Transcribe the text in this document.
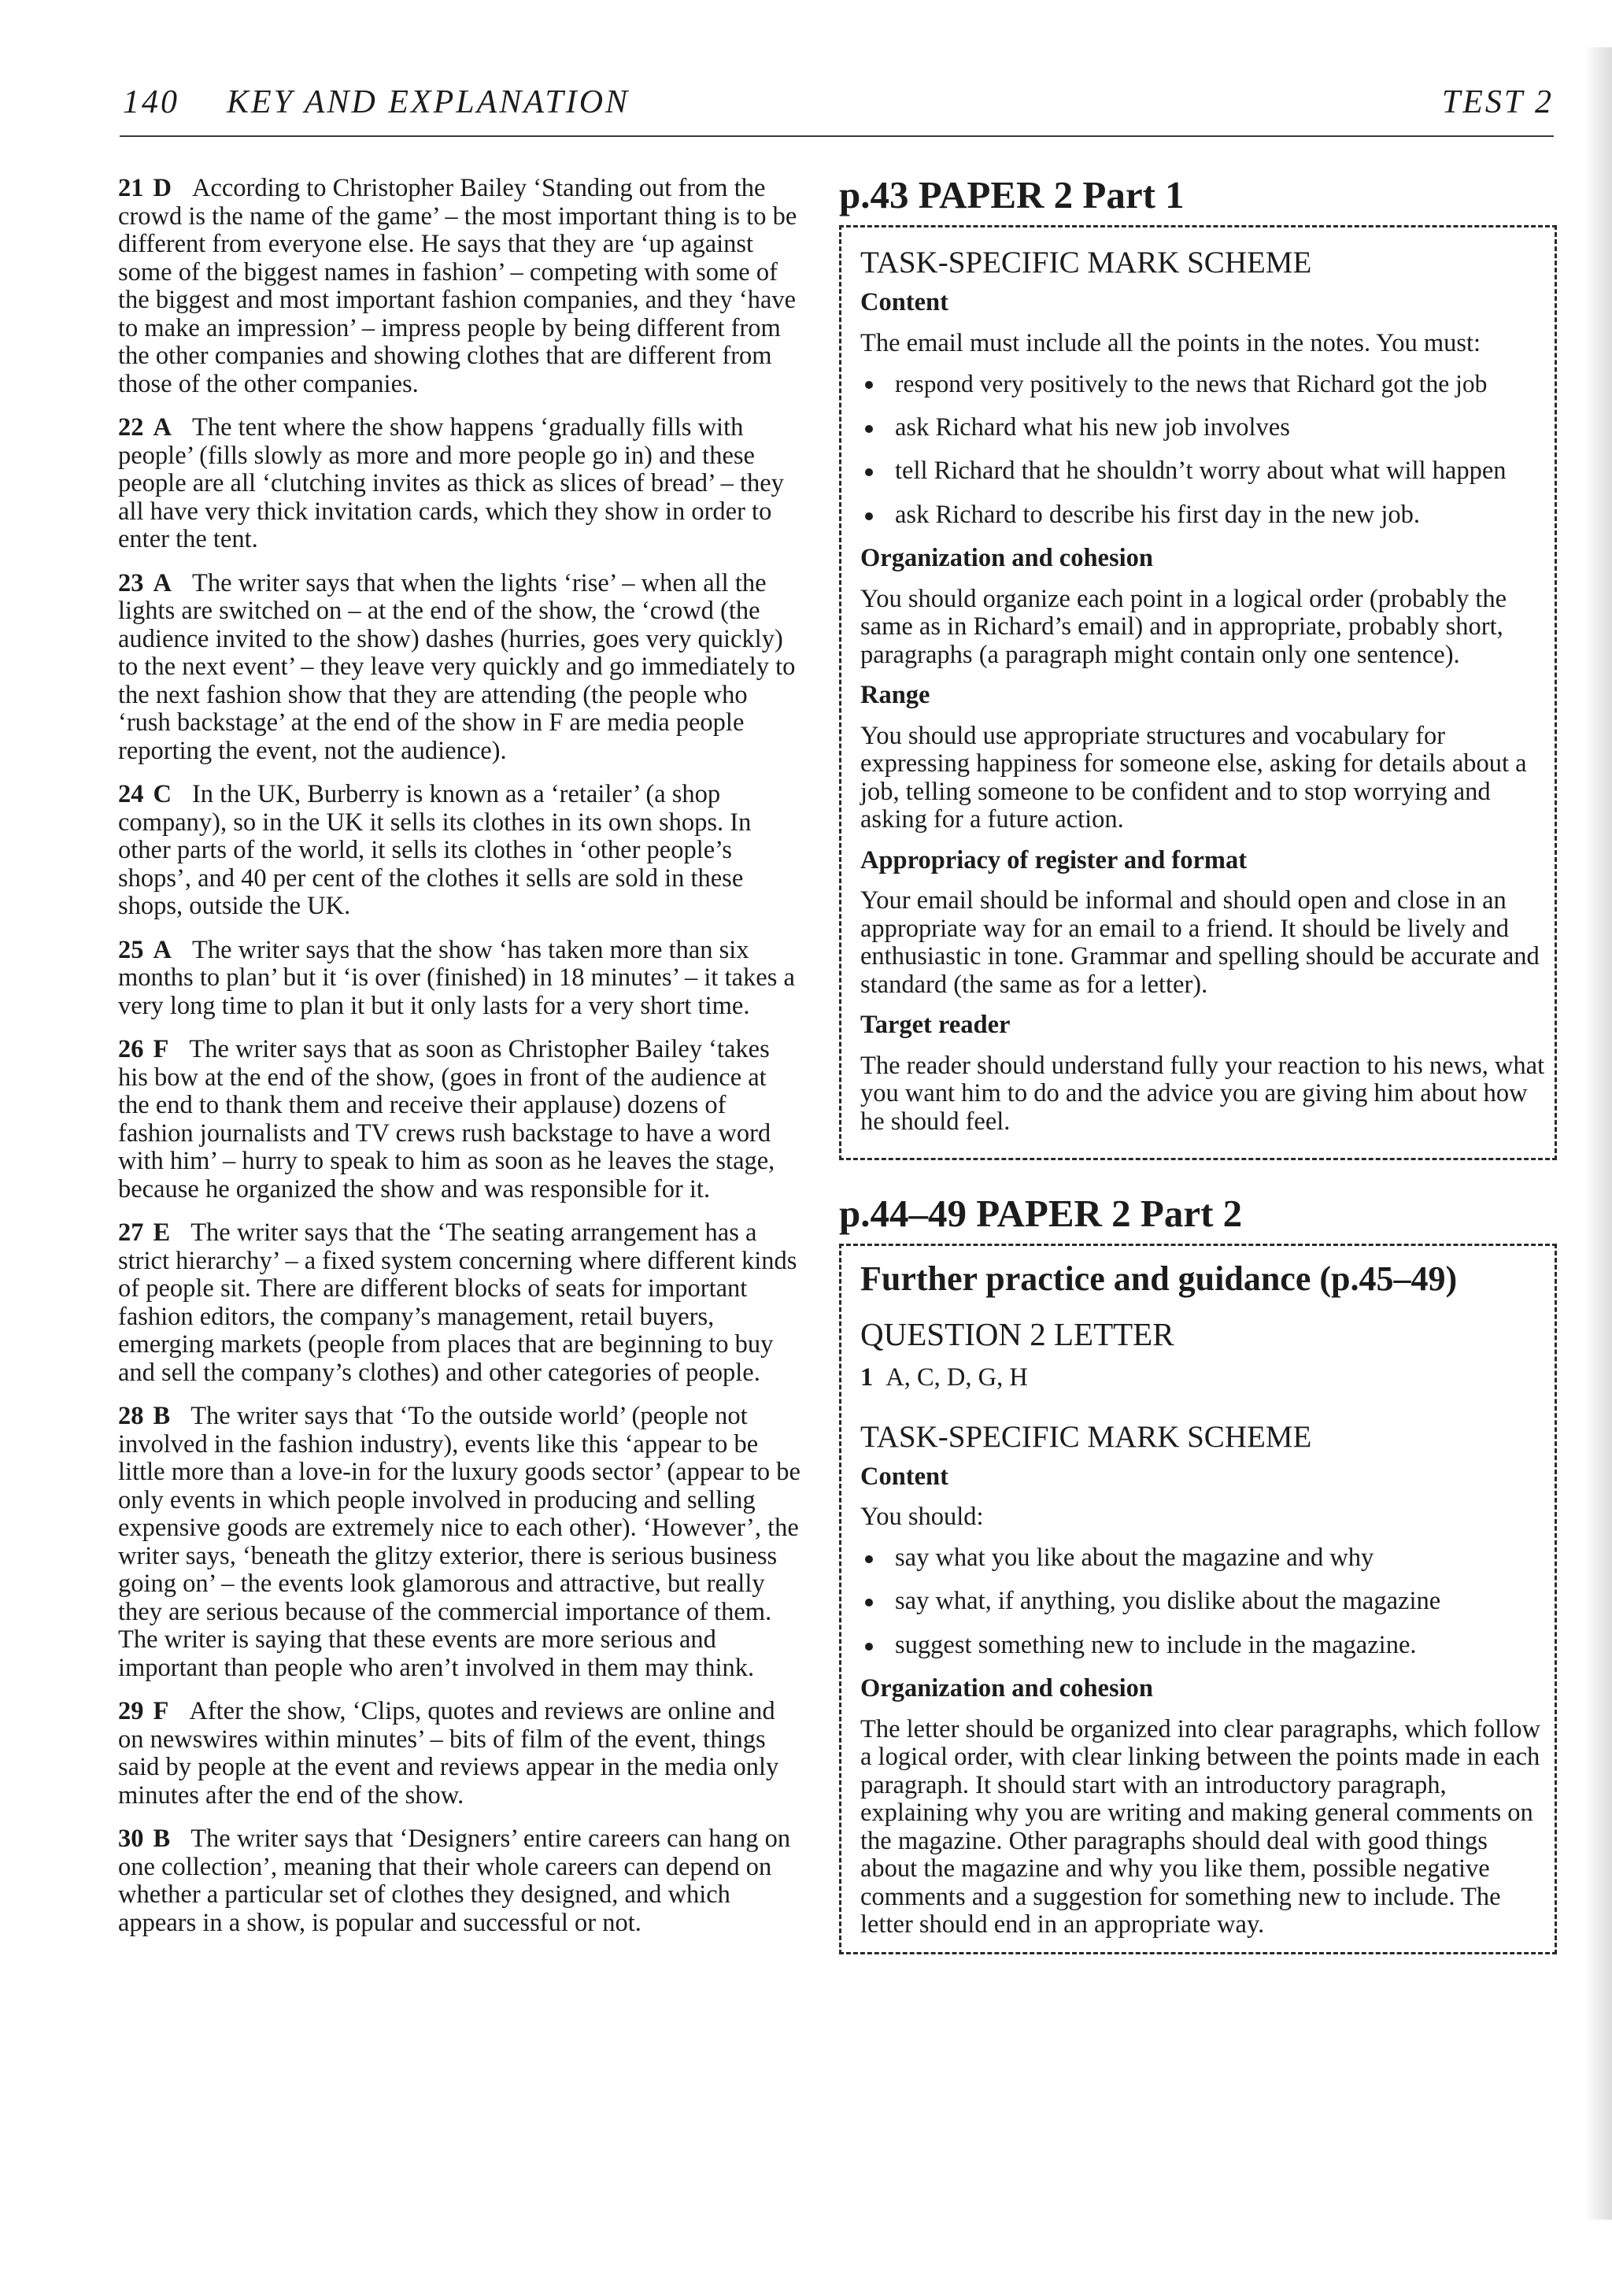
140 KEY AND EXPLANATION	TEST 2

21 D According to Christopher Bailey ‘Standing out from the crowd is the name of the game’ – the most important thing is to be different from everyone else. He says that they are ‘up against some of the biggest names in fashion’ – competing with some of the biggest and most important fashion companies, and they ‘have to make an impression’ – impress people by being different from the other companies and showing clothes that are different from those of the other companies.

22 A The tent where the show happens ‘gradually fills with people’ (fills slowly as more and more people go in) and these people are all ‘clutching invites as thick as slices of bread’ – they all have very thick invitation cards, which they show in order to enter the tent.

23 A The writer says that when the lights ‘rise’ – when all the lights are switched on – at the end of the show, the ‘crowd (the audience invited to the show) dashes (hurries, goes very quickly) to the next event’ – they leave very quickly and go immediately to the next fashion show that they are attending (the people who ‘rush backstage’ at the end of the show in F are media people reporting the event, not the audience).

24 C In the UK, Burberry is known as a ‘retailer’ (a shop company), so in the UK it sells its clothes in its own shops. In other parts of the world, it sells its clothes in ‘other people’s shops’, and 40 per cent of the clothes it sells are sold in these shops, outside the UK.

25 A The writer says that the show ‘has taken more than six months to plan’ but it ‘is over (finished) in 18 minutes’ – it takes a very long time to plan it but it only lasts for a very short time.

26 F The writer says that as soon as Christopher Bailey ‘takes his bow at the end of the show, (goes in front of the audience at the end to thank them and receive their applause) dozens of fashion journalists and TV crews rush backstage to have a word with him’ – hurry to speak to him as soon as he leaves the stage, because he organized the show and was responsible for it.

27 E The writer says that the ‘The seating arrangement has a strict hierarchy’ – a fixed system concerning where different kinds of people sit. There are different blocks of seats for important fashion editors, the company’s management, retail buyers, emerging markets (people from places that are beginning to buy and sell the company’s clothes) and other categories of people.

28 B The writer says that ‘To the outside world’ (people not involved in the fashion industry), events like this ‘appear to be little more than a love-in for the luxury goods sector’ (appear to be only events in which people involved in producing and selling expensive goods are extremely nice to each other). ‘However’, the writer says, ‘beneath the glitzy exterior, there is serious business going on’ – the events look glamorous and attractive, but really they are serious because of the commercial importance of them. The writer is saying that these events are more serious and important than people who aren’t involved in them may think.

29 F After the show, ‘Clips, quotes and reviews are online and on newswires within minutes’ – bits of film of the event, things said by people at the event and reviews appear in the media only minutes after the end of the show.

30 B The writer says that ‘Designers’ entire careers can hang on one collection’, meaning that their whole careers can depend on whether a particular set of clothes they designed, and which appears in a show, is popular and successful or not.

p.43 PAPER 2 Part 1
TASK-SPECIFIC MARK SCHEME
Content

The email must include all the points in the notes. You must:

respond very positively to the news that Richard got the job
ask Richard what his new job involves
tell Richard that he shouldn’t worry about what will happen
ask Richard to describe his first day in the new job.
Organization and cohesion

You should organize each point in a logical order (probably the same as in Richard’s email) and in appropriate, probably short, paragraphs (a paragraph might contain only one sentence).

Range

You should use appropriate structures and vocabulary for expressing happiness for someone else, asking for details about a job, telling someone to be confident and to stop worrying and asking for a future action.

Appropriacy of register and format

Your email should be informal and should open and close in an appropriate way for an email to a friend. It should be lively and enthusiastic in tone. Grammar and spelling should be accurate and standard (the same as for a letter).

Target reader

The reader should understand fully your reaction to his news, what you want him to do and the advice you are giving him about how he should feel.

p.44–49 PAPER 2 Part 2
Further practice and guidance (p.45–49)
QUESTION 2 LETTER

1 A, C, D, G, H

TASK-SPECIFIC MARK SCHEME
Content

You should:

say what you like about the magazine and why
say what, if anything, you dislike about the magazine
suggest something new to include in the magazine.
Organization and cohesion

The letter should be organized into clear paragraphs, which follow a logical order, with clear linking between the points made in each paragraph. It should start with an introductory paragraph, explaining why you are writing and making general comments on the magazine. Other paragraphs should deal with good things about the magazine and why you like them, possible negative comments and a suggestion for something new to include. The letter should end in an appropriate way.
